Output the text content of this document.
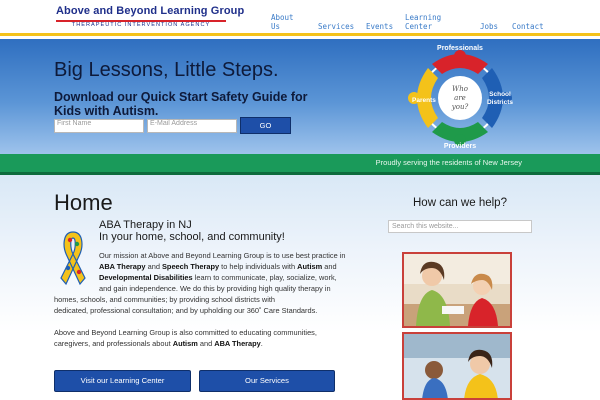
Above and Beyond Learning Group
THERAPEUTIC INTERVENTION AGENCY
About
Us	Services Events
Learning
Center	Jobs Contact
Big Lessons, Little Steps.
Download our Quick Start Safety Guide for Kids with Autism.
First Name	E-Mail Address	GO
Professionals
Parents
School
Districts
Providers
Who
are
you?
Proudly serving the residents of New Jersey
Home
ABA Therapy in NJ
In your home, school, and community!
Our mission at Above and Beyond Learning Group is to use best practice in
ABA Therapy and Speech Therapy to help individuals with Autism and
Developmental Disabilities learn to communicate, play, socialize, work,
and gain independence. We do this by providing high quality therapy in
homes, schools, and communities; by providing school districts with
dedicated, professional consultation; and by upholding our 360˚ Care Standards.
Above and Beyond Learning Group is also committed to educating communities,
caregivers, and professionals about Autism and ABA Therapy.
Visit our Learning Center	Our Services
How can we help?
Search this website...
